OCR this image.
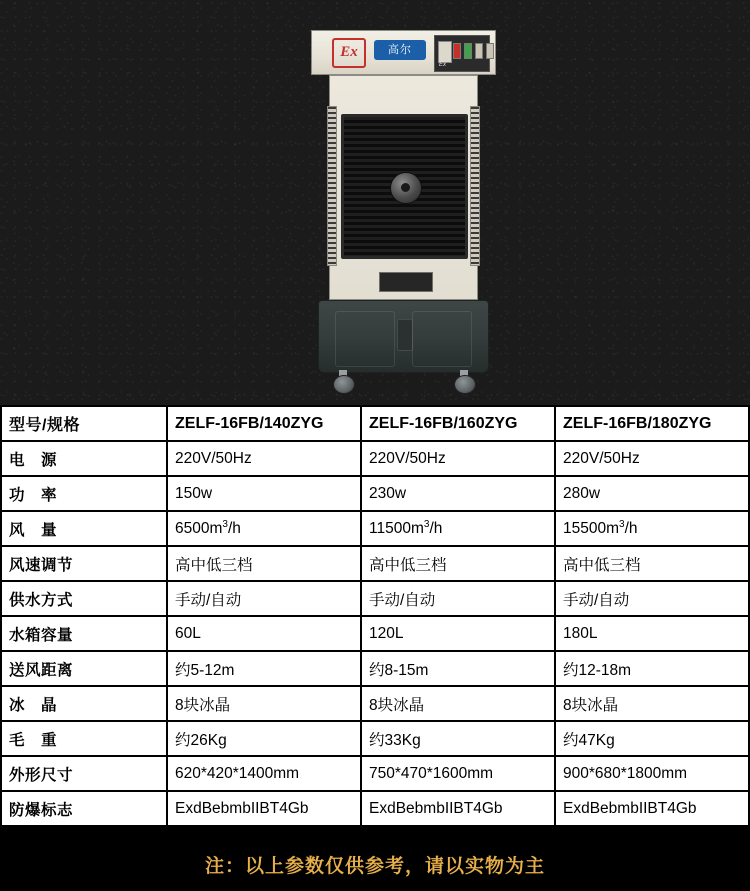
Ex	高尔
Ex
型号/规格	ZELF-16FB/140ZYG	ZELF-16FB/160ZYG	ZELF-16FB/180ZYG
电　源	220V/50Hz	220V/50Hz	220V/50Hz
功　率	150w	230w	280w
风　量	$6500m^3/h$	$11500m^3/h$	$15500m^3/h$
风速调节	高中低三档	高中低三档	高中低三档
供水方式	手动/自动	手动/自动	手动/自动
水箱容量	60L	120L	180L
送风距离	约5-12m	约8-15m	约12-18m
冰　晶	8块冰晶	8块冰晶	8块冰晶
毛　重	约26Kg	约33Kg	约47Kg
外形尺寸	620*420*1400mm	750*470*1600mm	900*680*1800mm
防爆标志	ExdBebmbIIBT4Gb	ExdBebmbIIBT4Gb	ExdBebmbIIBT4Gb
注：以上参数仅供参考，请以实物为主
